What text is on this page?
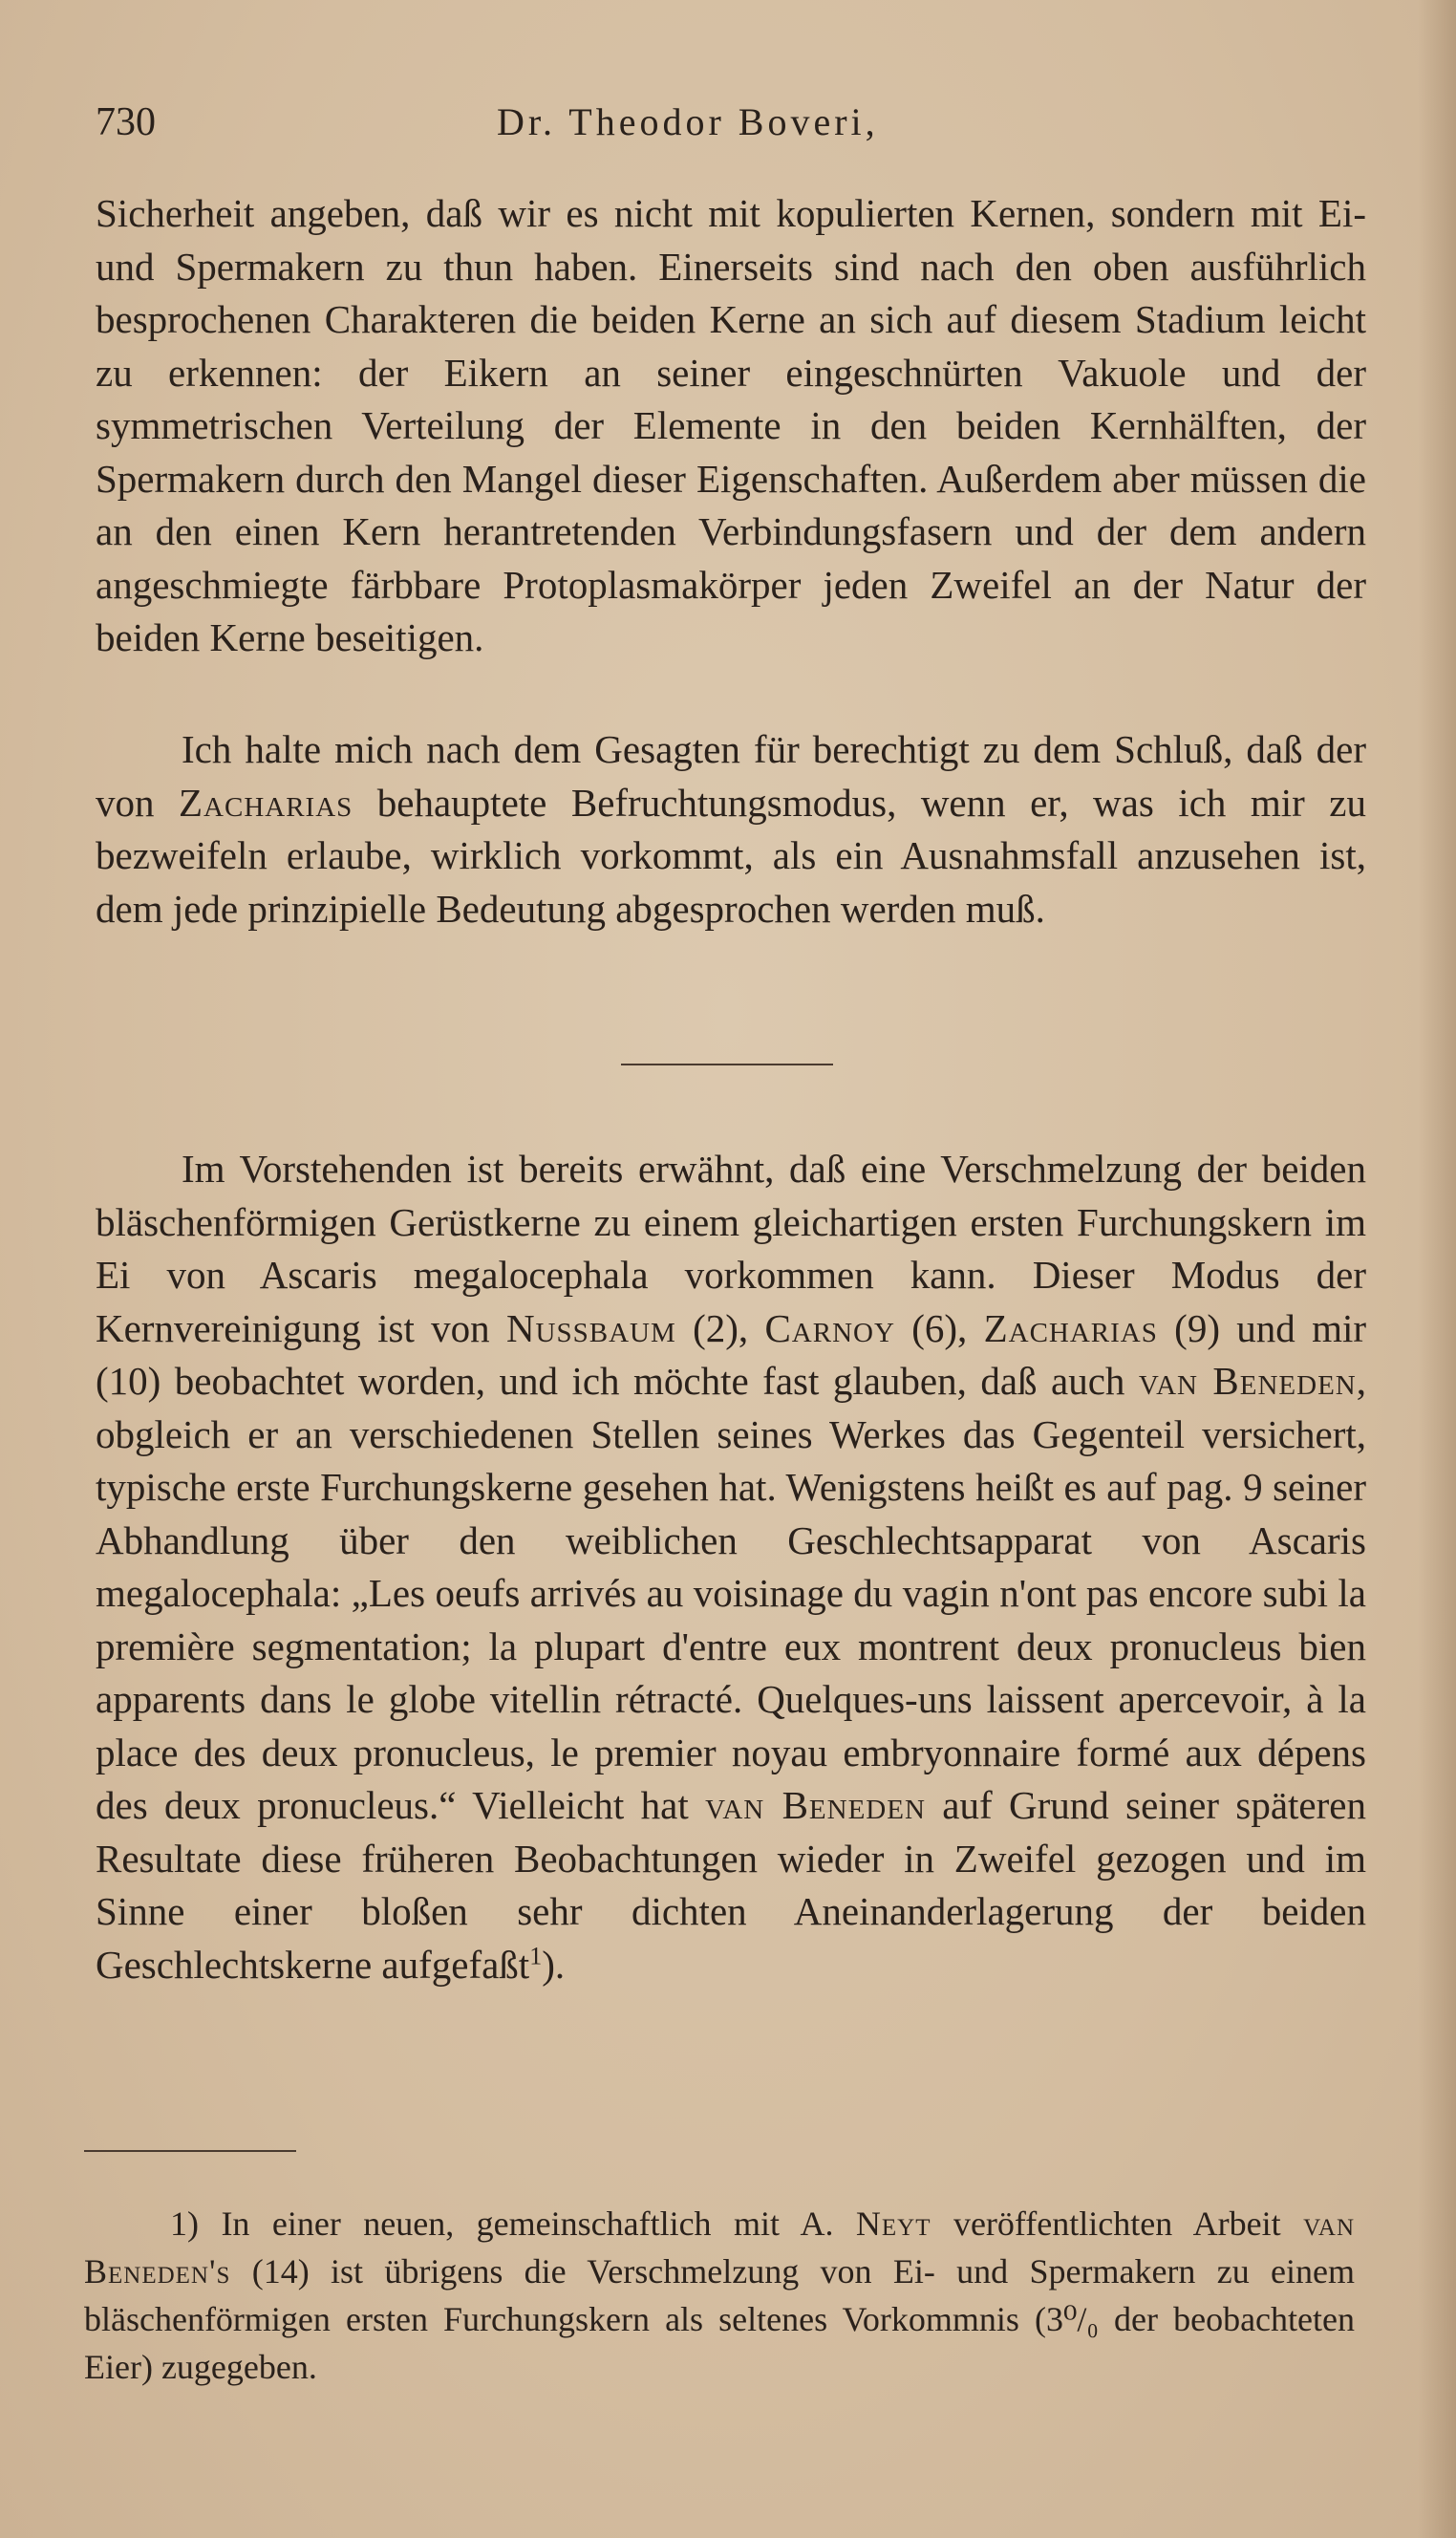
730	Dr. Theodor Boveri,

Sicherheit angeben, daß wir es nicht mit kopulierten Kernen, sondern mit Ei- und Spermakern zu thun haben. Einerseits sind nach den oben ausführlich besprochenen Charakteren die beiden Kerne an sich auf diesem Stadium leicht zu erkennen: der Eikern an seiner eingeschnürten Vakuole und der symmetrischen Verteilung der Elemente in den beiden Kernhälften, der Spermakern durch den Mangel dieser Eigenschaften. Außerdem aber müssen die an den einen Kern herantretenden Verbindungsfasern und der dem andern angeschmiegte färbbare Protoplasmakörper jeden Zweifel an der Natur der beiden Kerne beseitigen.

Ich halte mich nach dem Gesagten für berechtigt zu dem Schluß, daß der von Zacharias behauptete Befruchtungsmodus, wenn er, was ich mir zu bezweifeln erlaube, wirklich vorkommt, als ein Ausnahmsfall anzusehen ist, dem jede prinzipielle Bedeutung abgesprochen werden muß.

Im Vorstehenden ist bereits erwähnt, daß eine Verschmelzung der beiden bläschenförmigen Gerüstkerne zu einem gleichartigen ersten Furchungskern im Ei von Ascaris megalocephala vorkommen kann. Dieser Modus der Kernvereinigung ist von Nussbaum (2), Carnoy (6), Zacharias (9) und mir (10) beobachtet worden, und ich möchte fast glauben, daß auch van Beneden, obgleich er an verschiedenen Stellen seines Werkes das Gegenteil versichert, typische erste Furchungskerne gesehen hat. Wenigstens heißt es auf pag. 9 seiner Abhandlung über den weiblichen Geschlechtsapparat von Ascaris megalocephala: „Les oeufs arrivés au voisinage du vagin n'ont pas encore subi la première segmentation; la plupart d'entre eux montrent deux pronucleus bien apparents dans le globe vitellin rétracté. Quelques-uns laissent apercevoir, à la place des deux pronucleus, le premier noyau embryonnaire formé aux dépens des deux pronucleus.“ Vielleicht hat van Beneden auf Grund seiner späteren Resultate diese früheren Beobachtungen wieder in Zweifel gezogen und im Sinne einer bloßen sehr dichten Aneinanderlagerung der beiden Geschlechtskerne aufgefaßt$^1$).

1) In einer neuen, gemeinschaftlich mit A. Neyt veröffentlichten Arbeit van Beneden's (14) ist übrigens die Verschmelzung von Ei- und Spermakern zu einem bläschenförmigen ersten Furchungskern als seltenes Vorkommnis (3⁰/₀ der beobachteten Eier) zugegeben.
